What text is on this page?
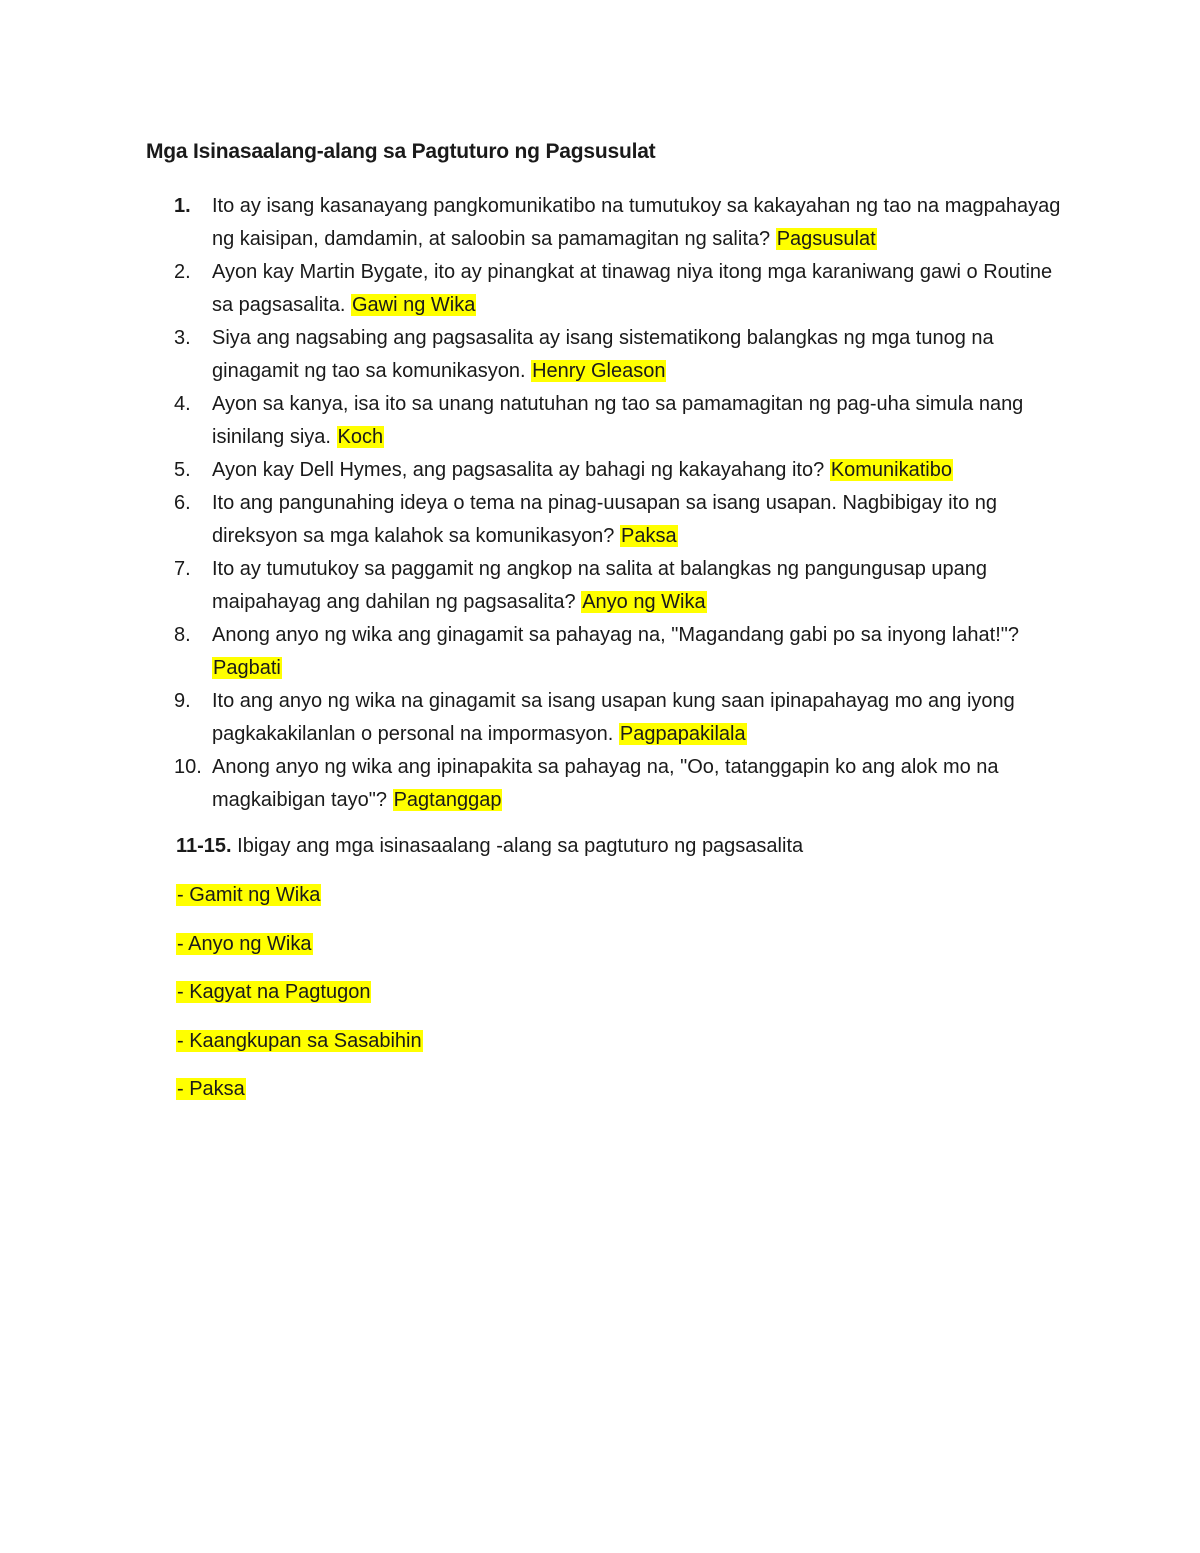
Mga Isinasaalang-alang sa Pagtuturo ng Pagsusulat
1. Ito ay isang kasanayang pangkomunikatibo na tumutukoy sa kakayahan ng tao na magpahayag ng kaisipan, damdamin, at saloobin sa pamamagitan ng salita? Pagsusulat
2. Ayon kay Martin Bygate, ito ay pinangkat at tinawag niya itong mga karaniwang gawi o Routine sa pagsasalita. Gawi ng Wika
3. Siya ang nagsabing ang pagsasalita ay isang sistematikong balangkas ng mga tunog na ginagamit ng tao sa komunikasyon. Henry Gleason
4. Ayon sa kanya, isa ito sa unang natutuhan ng tao sa pamamagitan ng pag-uha simula nang isinilang siya. Koch
5. Ayon kay Dell Hymes, ang pagsasalita ay bahagi ng kakayahang ito? Komunikatibo
6. Ito ang pangunahing ideya o tema na pinag-uusapan sa isang usapan. Nagbibigay ito ng direksyon sa mga kalahok sa komunikasyon? Paksa
7. Ito ay tumutukoy sa paggamit ng angkop na salita at balangkas ng pangungusap upang maipahayag ang dahilan ng pagsasalita? Anyo ng Wika
8. Anong anyo ng wika ang ginagamit sa pahayag na, "Magandang gabi po sa inyong lahat!"? Pagbati
9. Ito ang anyo ng wika na ginagamit sa isang usapan kung saan ipinapahayag mo ang iyong pagkakakilanlan o personal na impormasyon. Pagpapakilala
10. Anong anyo ng wika ang ipinapakita sa pahayag na, "Oo, tatanggapin ko ang alok mo na magkaibigan tayo"? Pagtanggap
11-15. Ibigay ang mga isinasaalang -alang sa pagtuturo ng pagsasalita
- Gamit ng Wika
- Anyo ng Wika
- Kagyat na Pagtugon
- Kaangkupan sa Sasabihin
- Paksa
